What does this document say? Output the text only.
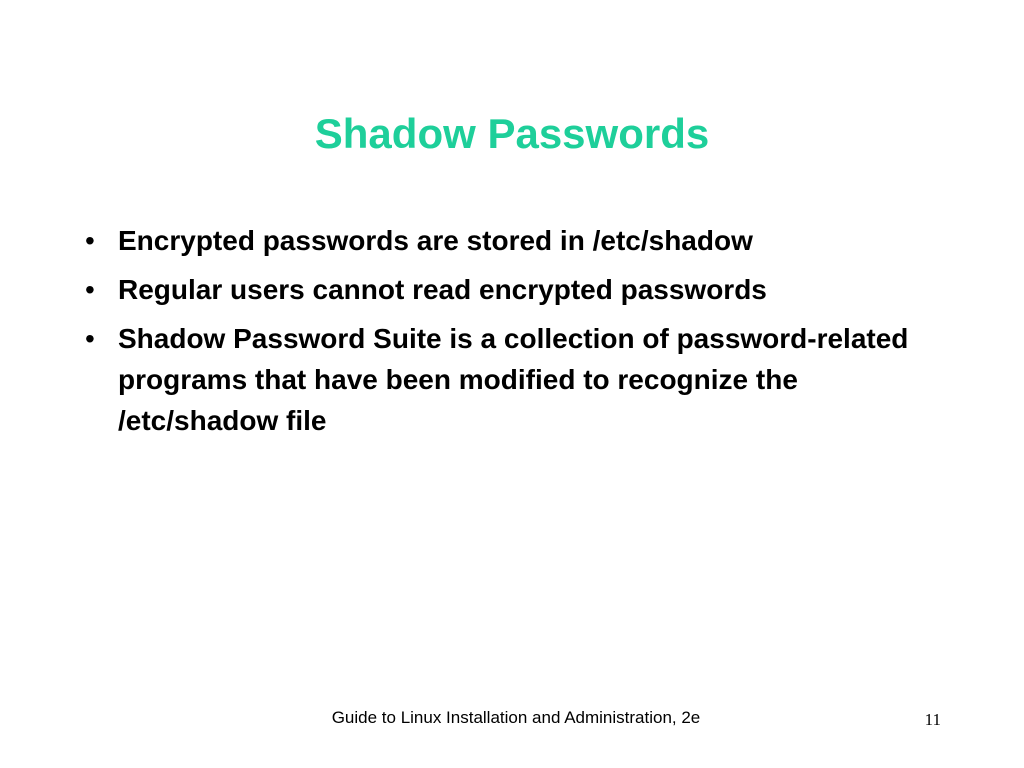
Shadow Passwords
• Encrypted passwords are stored in /etc/shadow
• Regular users cannot read encrypted passwords
• Shadow Password Suite is a collection of password-related programs that have been modified to recognize the /etc/shadow file
Guide to Linux Installation and Administration, 2e	11
